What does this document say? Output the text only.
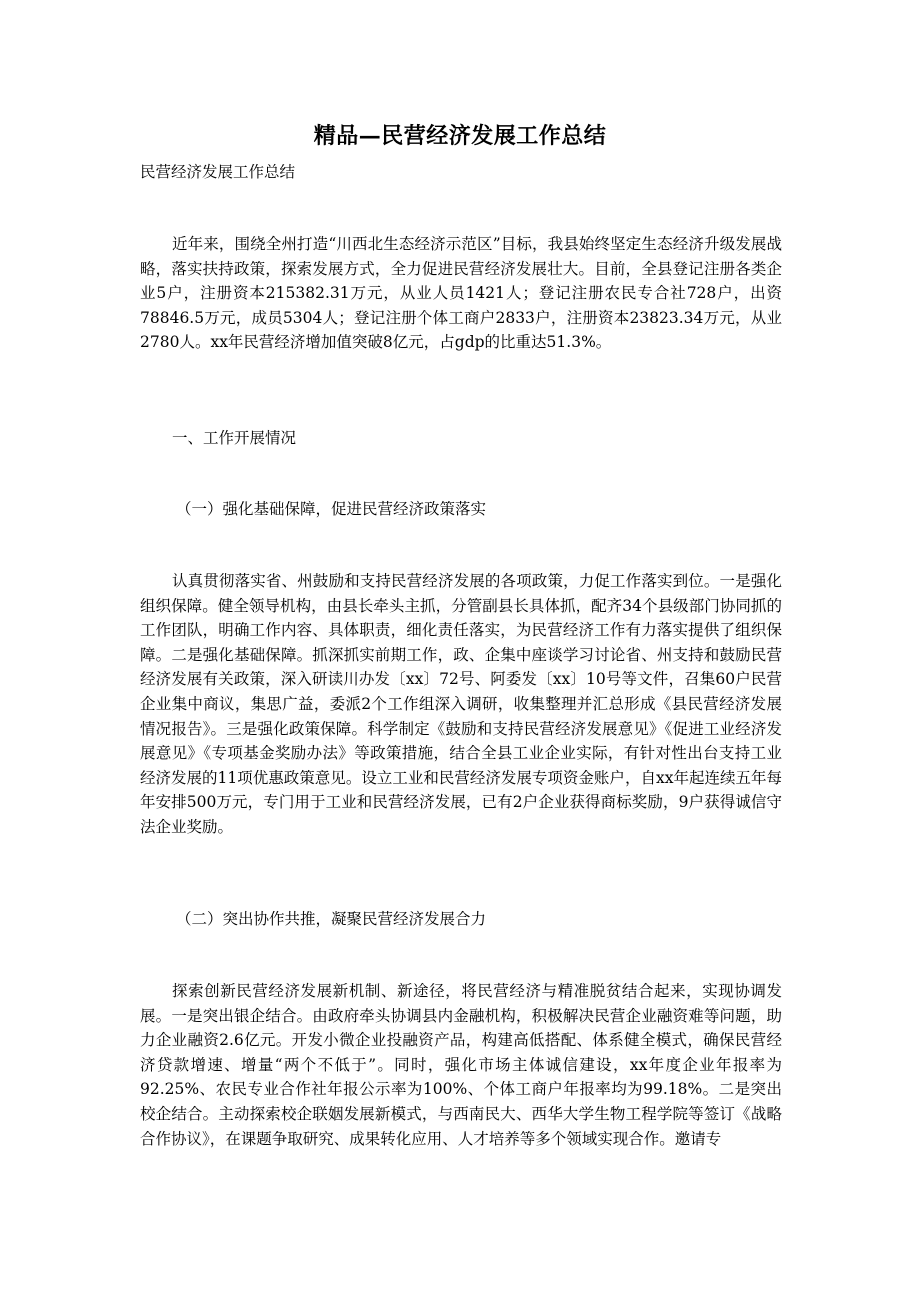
精品—民营经济发展工作总结

民营经济发展工作总结

近年来，围绕全州打造“川西北生态经济示范区”目标，我县始终坚定生态经济升级发展战略，落实扶持政策，探索发展方式，全力促进民营经济发展壮大。目前，全县登记注册各类企业5户，注册资本215382.31万元，从业人员1421人；登记注册农民专合社728户，出资78846.5万元，成员5304人；登记注册个体工商户2833户，注册资本23823.34万元，从业2780人。xx年民营经济增加值突破8亿元，占gdp的比重达51.3%。

一、工作开展情况

（一）强化基础保障，促进民营经济政策落实

认真贯彻落实省、州鼓励和支持民营经济发展的各项政策，力促工作落实到位。一是强化组织保障。健全领导机构，由县长牵头主抓，分管副县长具体抓，配齐34个县级部门协同抓的工作团队，明确工作内容、具体职责，细化责任落实，为民营经济工作有力落实提供了组织保障。二是强化基础保障。抓深抓实前期工作，政、企集中座谈学习讨论省、州支持和鼓励民营经济发展有关政策，深入研读川办发〔xx〕72号、阿委发〔xx〕10号等文件，召集60户民营企业集中商议，集思广益，委派2个工作组深入调研，收集整理并汇总形成《县民营经济发展情况报告》。三是强化政策保障。科学制定《鼓励和支持民营经济发展意见》《促进工业经济发展意见》《专项基金奖励办法》等政策措施，结合全县工业企业实际，有针对性出台支持工业经济发展的11项优惠政策意见。设立工业和民营经济发展专项资金账户，自xx年起连续五年每年安排500万元，专门用于工业和民营经济发展，已有2户企业获得商标奖励，9户获得诚信守法企业奖励。

（二）突出协作共推，凝聚民营经济发展合力

探索创新民营经济发展新机制、新途径，将民营经济与精准脱贫结合起来，实现协调发展。一是突出银企结合。由政府牵头协调县内金融机构，积极解决民营企业融资难等问题，助力企业融资2.6亿元。开发小微企业投融资产品，构建高低搭配、体系健全模式，确保民营经济贷款增速、增量“两个不低于”。同时，强化市场主体诚信建设，xx年度企业年报率为92.25%、农民专业合作社年报公示率为100%、个体工商户年报率均为99.18%。二是突出校企结合。主动探索校企联姻发展新模式，与西南民大、西华大学生物工程学院等签订《战略合作协议》，在课题争取研究、成果转化应用、人才培养等多个领域实现合作。邀请专
